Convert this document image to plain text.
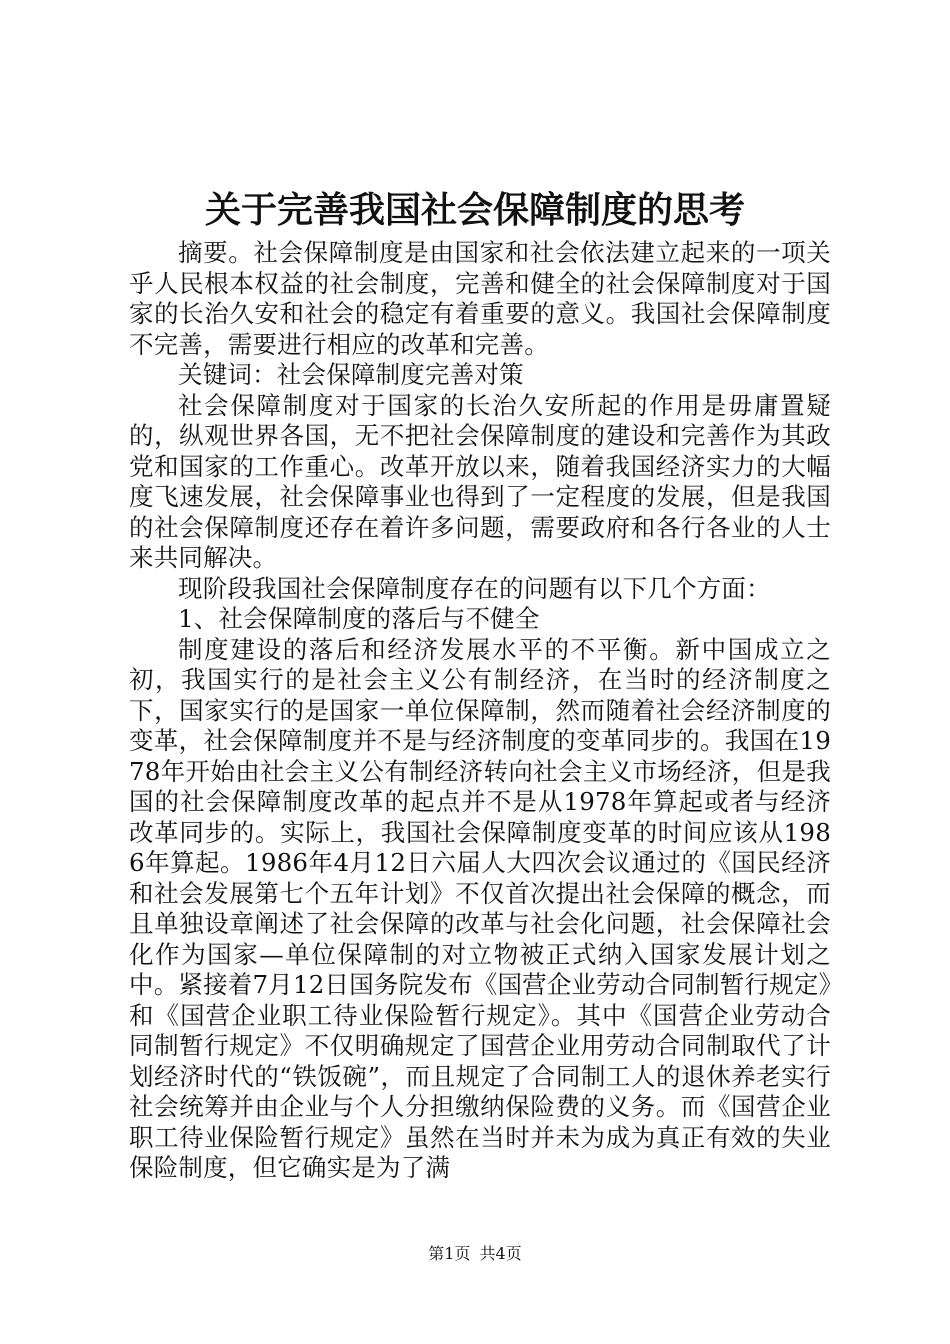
关于完善我国社会保障制度的思考

摘要。社会保障制度是由国家和社会依法建立起来的一项关乎人民根本权益的社会制度，完善和健全的社会保障制度对于国家的长治久安和社会的稳定有着重要的意义。我国社会保障制度不完善，需要进行相应的改革和完善。

关键词：社会保障制度完善对策

社会保障制度对于国家的长治久安所起的作用是毋庸置疑的，纵观世界各国，无不把社会保障制度的建设和完善作为其政党和国家的工作重心。改革开放以来，随着我国经济实力的大幅度飞速发展，社会保障事业也得到了一定程度的发展，但是我国的社会保障制度还存在着许多问题，需要政府和各行各业的人士来共同解决。

现阶段我国社会保障制度存在的问题有以下几个方面：

1、社会保障制度的落后与不健全

制度建设的落后和经济发展水平的不平衡。新中国成立之初，我国实行的是社会主义公有制经济，在当时的经济制度之下，国家实行的是国家一单位保障制，然而随着社会经济制度的变革，社会保障制度并不是与经济制度的变革同步的。我国在1978年开始由社会主义公有制经济转向社会主义市场经济，但是我国的社会保障制度改革的起点并不是从1978年算起或者与经济改革同步的。实际上，我国社会保障制度变革的时间应该从1986年算起。1986年4月12日六届人大四次会议通过的《国民经济和社会发展第七个五年计划》不仅首次提出社会保障的概念，而且单独设章阐述了社会保障的改革与社会化问题，社会保障社会化作为国家—单位保障制的对立物被正式纳入国家发展计划之中。紧接着7月12日国务院发布《国营企业劳动合同制暂行规定》和《国营企业职工待业保险暂行规定》。其中《国营企业劳动合同制暂行规定》不仅明确规定了国营企业用劳动合同制取代了计划经济时代的“铁饭碗”，而且规定了合同制工人的退休养老实行社会统筹并由企业与个人分担缴纳保险费的义务。而《国营企业职工待业保险暂行规定》虽然在当时并未为成为真正有效的失业保险制度，但它确实是为了满

第1页 共4页
